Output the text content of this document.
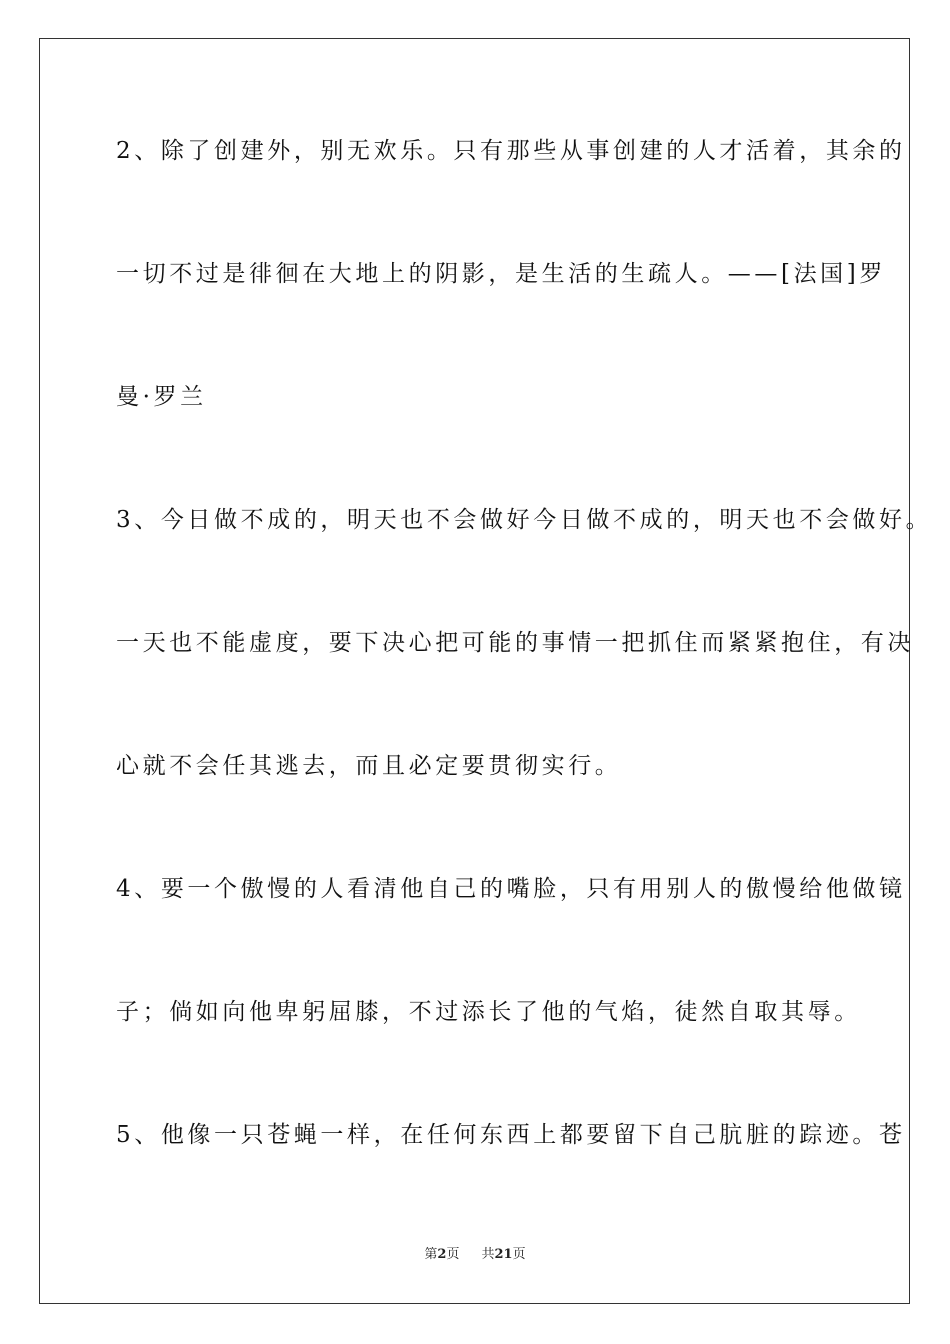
2、除了创建外，别无欢乐。只有那些从事创建的人才活着，其余的
一切不过是徘徊在大地上的阴影，是生活的生疏人。——[法国]罗
曼·罗兰
3、今日做不成的，明天也不会做好今日做不成的，明天也不会做好。
一天也不能虚度，要下决心把可能的事情一把抓住而紧紧抱住，有决
心就不会任其逃去，而且必定要贯彻实行。
4、要一个傲慢的人看清他自己的嘴脸，只有用别人的傲慢给他做镜
子；倘如向他卑躬屈膝，不过添长了他的气焰，徒然自取其辱。
5、他像一只苍蝇一样，在任何东西上都要留下自己肮脏的踪迹。苍
第2页 共21页
